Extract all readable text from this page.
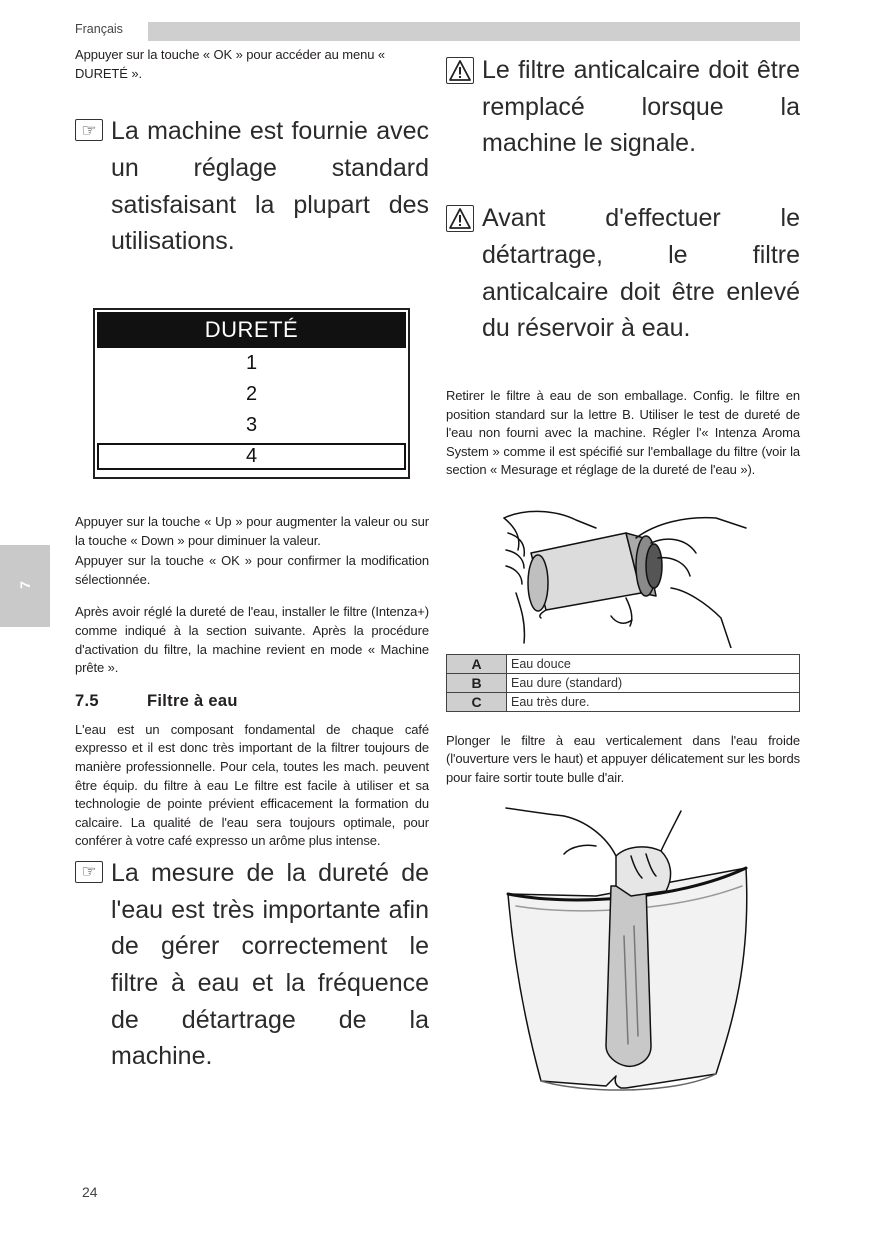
Français
7

Appuyer sur la touche « OK » pour accéder au menu « DURETÉ ».

☞ La machine est fournie avec un réglage standard satisfaisant la plupart des utilisations.
DURETÉ
1
2
3
4

Appuyer sur la touche « Up » pour augmenter la valeur ou sur la touche « Down » pour diminuer la valeur.

Appuyer sur la touche « OK » pour confirmer la modification sélectionnée.

Après avoir réglé la dureté de l'eau, installer le filtre (Intenza+) comme indiqué à la section suivante. Après la procédure d'activation du filtre, la machine revient en mode « Machine prête ».

7.5	Filtre à eau

L'eau est un composant fondamental de chaque café expresso et il est donc très important de la filtrer toujours de manière professionnelle. Pour cela, toutes les mach. peuvent être équip. du filtre à eau Le filtre est facile à utiliser et sa technologie de pointe prévient efficacement la formation du calcaire. La qualité de l'eau sera toujours optimale, pour conférer à votre café expresso un arôme plus intense.

☞ La mesure de la dureté de l'eau est très importante afin de gérer correctement le filtre à eau et la fréquence de détartrage de la machine.
Le filtre anticalcaire doit être remplacé lorsque la machine le signale.
Avant d'effectuer le détartrage, le filtre anticalcaire doit être enlevé du réservoir à eau.

Retirer le filtre à eau de son emballage. Config. le filtre en position standard sur la lettre B. Utiliser le test de dureté de l'eau non fourni avec la machine. Régler l'« Intenza Aroma System » comme il est spécifié sur l'emballage du filtre (voir la section « Mesurage et réglage de la dureté de l'eau »).

A	Eau douce
B	Eau dure (standard)
C	Eau très dure.

Plonger le filtre à eau verticalement dans l'eau froide (l'ouverture vers le haut) et appuyer délicatement sur les bords pour faire sortir toute bulle d'air.

24
